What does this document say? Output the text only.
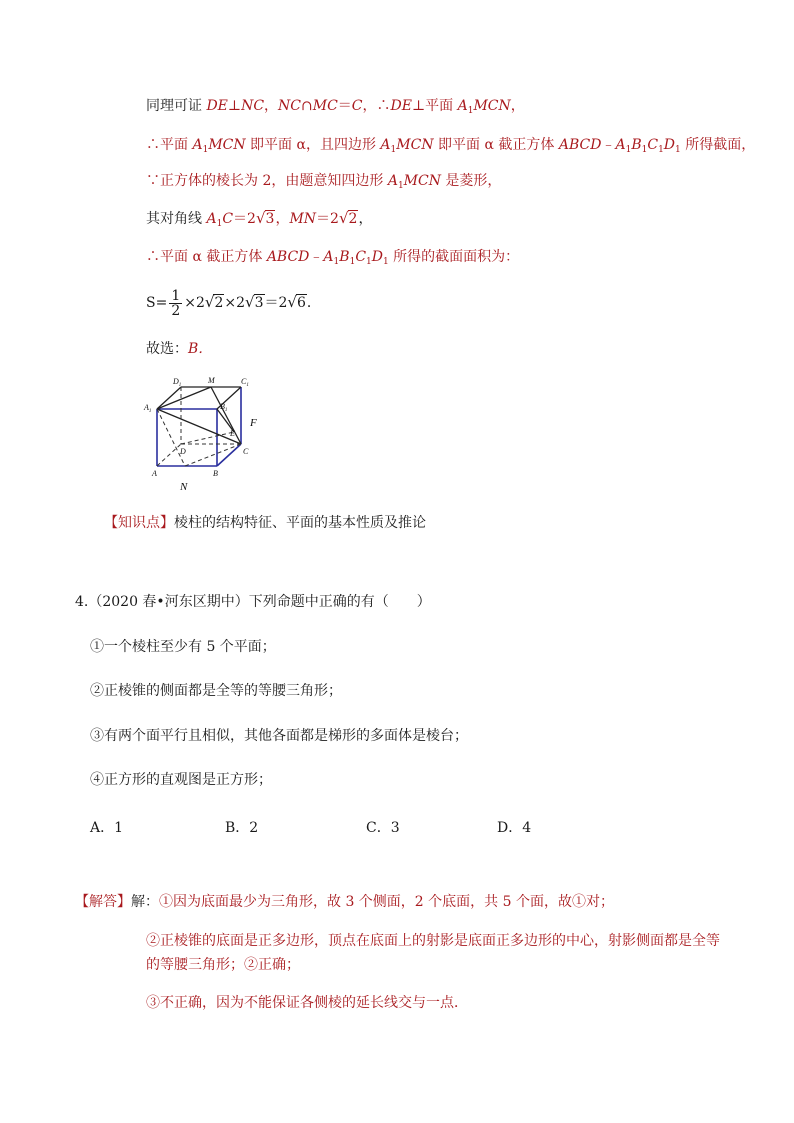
同理可证 DE⊥NC，NC∩MC＝C，∴DE⊥平面 $A_1MCN$，
∴平面 $A_1MCN$ 即平面 α，且四边形 $A_1MCN$ 即平面 α 截正方体 $ABCD﹣A_1B_1C_1D_1$ 所得截面，
∵正方体的棱长为 2，由题意知四边形 $A_1MCN$ 是菱形，
其对角线 $A_1C=2√3$，MN＝2√2，
∴平面 α 截正方体 $ABCD﹣A_1B_1C_1D_1$ 所得的截面面积为：
$S= \frac{1}{2} \times 2√2\times 2√3=2√6$．
故选：B．
$D_1$
M	$C_1$
$A_1$
$B_1$
E
F
D	C
A	B
N
【知识点】棱柱的结构特征、平面的基本性质及推论
4.（2020 春•河东区期中）下列命题中正确的有（　　）
①一个棱柱至少有 5 个平面；
②正棱锥的侧面都是全等的等腰三角形；
③有两个面平行且相似，其他各面都是梯形的多面体是棱台；
④正方形的直观图是正方形；
A．1	B．2	C．3	D．4
【解答】解：①因为底面最少为三角形，故 3 个侧面，2 个底面，共 5 个面，故①对；
②正棱锥的底面是正多边形，顶点在底面上的射影是底面正多边形的中心，射影侧面都是全等
的等腰三角形；②正确；
③不正确，因为不能保证各侧棱的延长线交与一点．
